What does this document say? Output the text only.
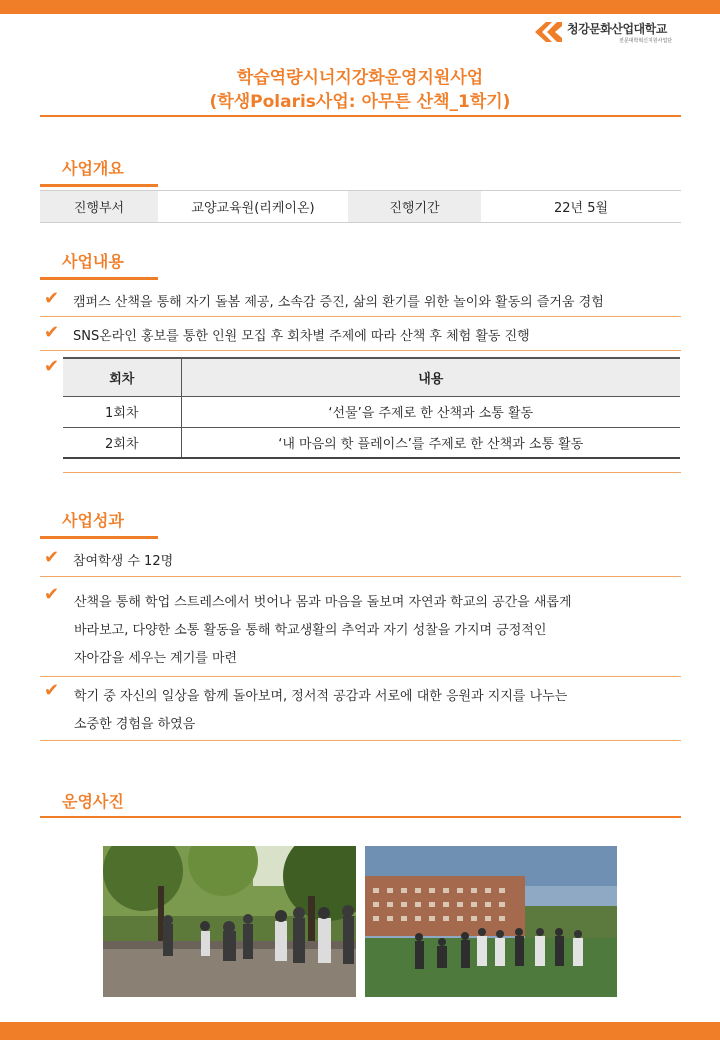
청강문화산업대학교
전문대학혁신지원사업단
학습역량시너지강화운영지원사업
(학생Polaris사업: 아무튼 산책_1학기)
사업개요
진행부서	교양교육원(리케이온)	진행기간	22년 5월
사업내용
✔ 캠퍼스 산책을 통해 자기 돌봄 제공, 소속감 증진, 삶의 환기를 위한 놀이와 활동의 즐거움 경험
✔ SNS온라인 홍보를 통한 인원 모집 후 회차별 주제에 따라 산책 후 체험 활동 진행
✔
회차	내용
1회차	‘선물’을 주제로 한 산책과 소통 활동
2회차	‘내 마음의 핫 플레이스’를 주제로 한 산책과 소통 활동
사업성과
✔ 참여학생 수 12명
✔ 산책을 통해 학업 스트레스에서 벗어나 몸과 마음을 돌보며 자연과 학교의 공간을 새롭게
바라보고, 다양한 소통 활동을 통해 학교생활의 추억과 자기 성찰을 가지며 긍정적인
자아감을 세우는 계기를 마련
✔ 학기 중 자신의 일상을 함께 돌아보며, 정서적 공감과 서로에 대한 응원과 지지를 나누는
소중한 경험을 하였음
운영사진
